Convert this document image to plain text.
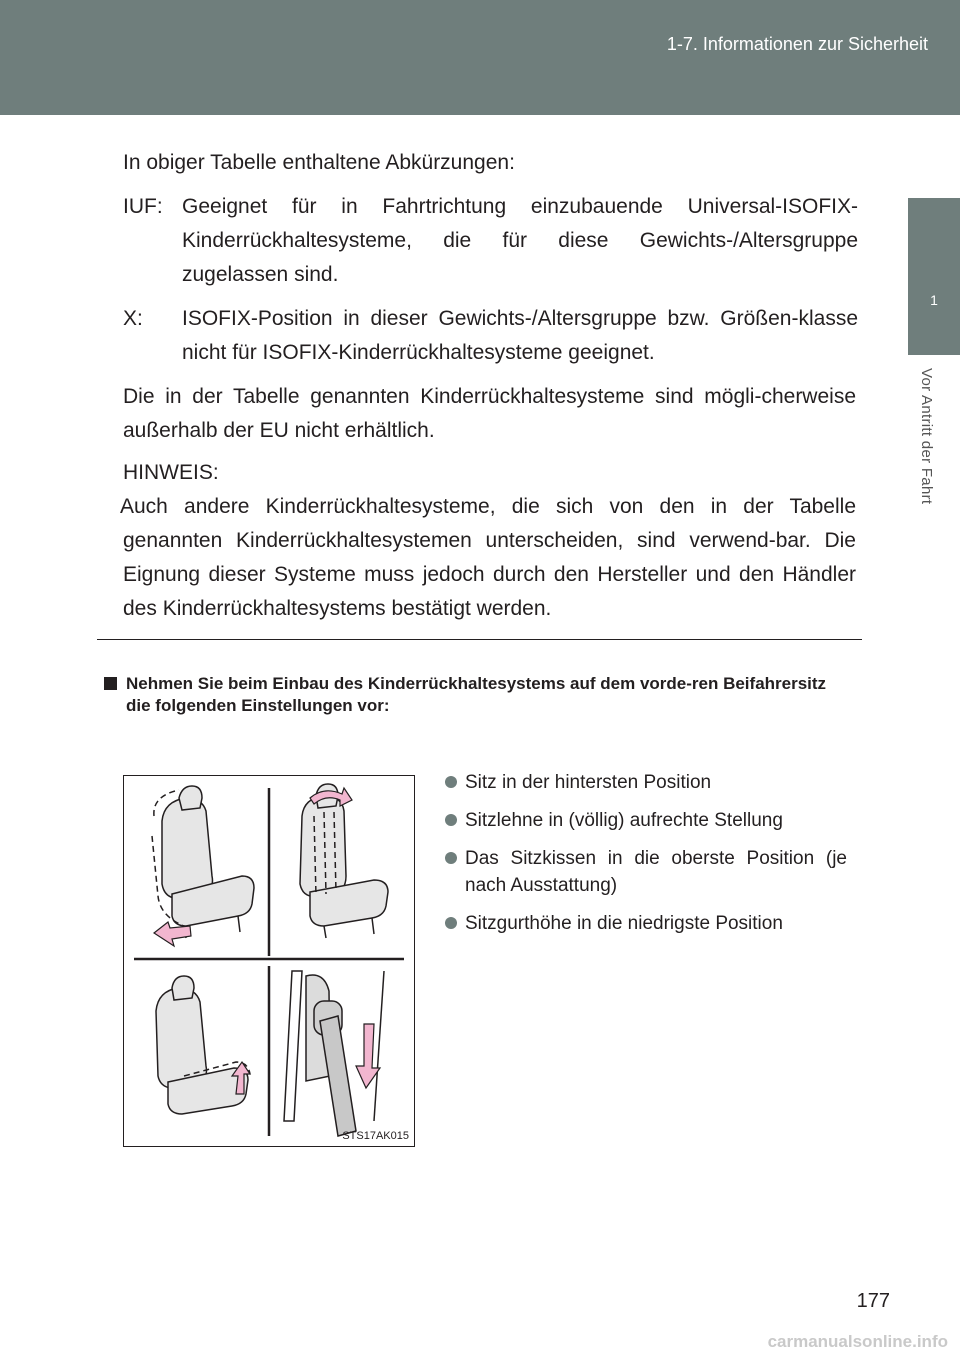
1-7. Informationen zur Sicherheit
1
Vor Antritt der Fahrt
In obiger Tabelle enthaltene Abkürzungen:
IUF: Geeignet für in Fahrtrichtung einzubauende Universal-ISOFIX-Kinderrückhaltesysteme, die für diese Gewichts-/Altersgruppe zugelassen sind.
X: ISOFIX-Position in dieser Gewichts-/Altersgruppe bzw. Größen-klasse nicht für ISOFIX-Kinderrückhaltesysteme geeignet.
Die in der Tabelle genannten Kinderrückhaltesysteme sind mögli-cherweise außerhalb der EU nicht erhältlich.
HINWEIS:
Auch andere Kinderrückhaltesysteme, die sich von den in der Tabelle genannten Kinderrückhaltesystemen unterscheiden, sind verwend-bar. Die Eignung dieser Systeme muss jedoch durch den Hersteller und den Händler des Kinderrückhaltesystems bestätigt werden.
Nehmen Sie beim Einbau des Kinderrückhaltesystems auf dem vorde-ren Beifahrersitz
die folgenden Einstellungen vor:
STS17AK015
Sitz in der hintersten Position
Sitzlehne in (völlig) aufrechte Stellung
Das Sitzkissen in die oberste Position (je nach Ausstattung)
Sitzgurthöhe in die niedrigste Position
177
carmanualsonline.info
